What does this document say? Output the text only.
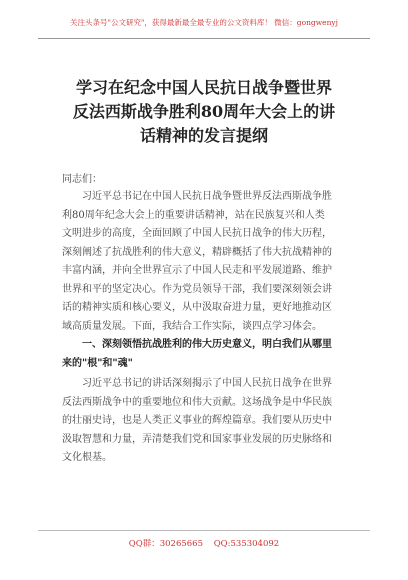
关注头条号"公文研究"，获得最新最全最专业的公文资料库！ 微信：gongwenyj
学习在纪念中国人民抗日战争暨世界
反法西斯战争胜利80周年大会上的讲
话精神的发言提纲
同志们：
习近平总书记在中国人民抗日战争暨世界反法西斯战争胜
利80周年纪念大会上的重要讲话精神，站在民族复兴和人类
文明进步的高度，全面回顾了中国人民抗日战争的伟大历程，
深刻阐述了抗战胜利的伟大意义，精辟概括了伟大抗战精神的
丰富内涵，并向全世界宣示了中国人民走和平发展道路、维护
世界和平的坚定决心。作为党员领导干部，我们要深刻领会讲
话的精神实质和核心要义，从中汲取奋进力量，更好地推动区
域高质量发展。下面，我结合工作实际，谈四点学习体会。
一、深刻领悟抗战胜利的伟大历史意义，明白我们从哪里
来的"根"和"魂"
习近平总书记的讲话深刻揭示了中国人民抗日战争在世界
反法西斯战争中的重要地位和伟大贡献。这场战争是中华民族
的壮丽史诗，也是人类正义事业的辉煌篇章。我们要从历史中
汲取智慧和力量，弄清楚我们党和国家事业发展的历史脉络和
文化根基。
QQ群：30265665 QQ:535304092
